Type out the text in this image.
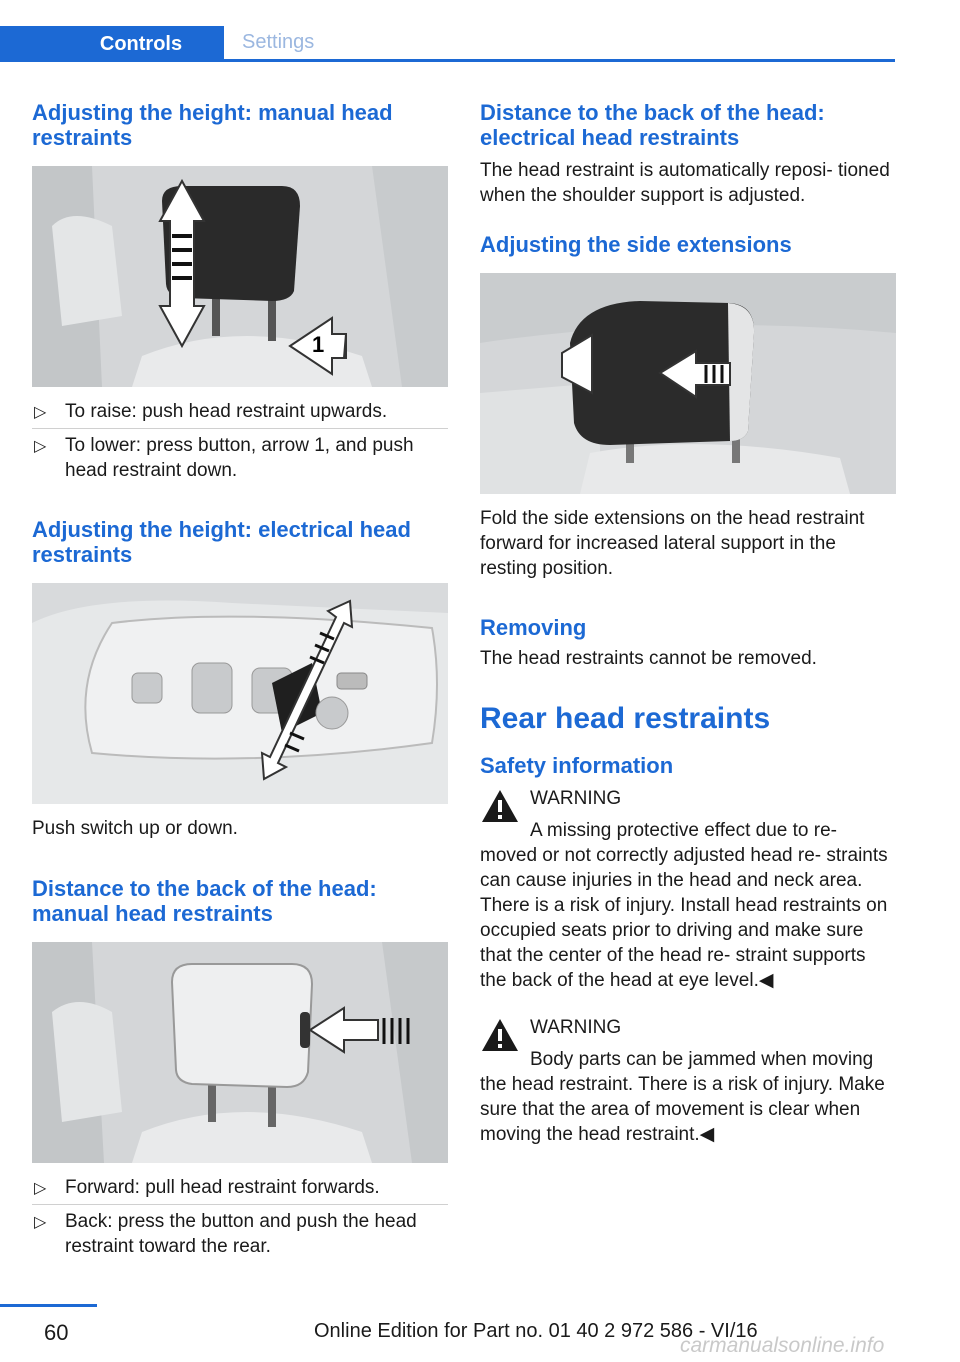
Controls	Settings
Adjusting the height: manual head restraints
1
▷ To raise: push head restraint upwards.
▷ To lower: press button, arrow 1, and push head restraint down.
Adjusting the height: electrical head restraints

Push switch up or down.

Distance to the back of the head: manual head restraints
▷ Forward: pull head restraint forwards.
▷ Back: press the button and push the head restraint toward the rear.
Distance to the back of the head: electrical head restraints

The head restraint is automatically reposi- tioned when the shoulder support is adjusted.

Adjusting the side extensions

Fold the side extensions on the head restraint forward for increased lateral support in the resting position.

Removing

The head restraints cannot be removed.

Rear head restraints
Safety information
WARNING

A missing protective effect due to re- moved or not correctly adjusted head re- straints can cause injuries in the head and neck area. There is a risk of injury. Install head restraints on occupied seats prior to driving and make sure that the center of the head re- straint supports the back of the head at eye level.◀

WARNING

Body parts can be jammed when moving the head restraint. There is a risk of injury. Make sure that the area of movement is clear when moving the head restraint.◀

60	Online Edition for Part no. 01 40 2 972 586 - VI/16
carmanualsonline.info
